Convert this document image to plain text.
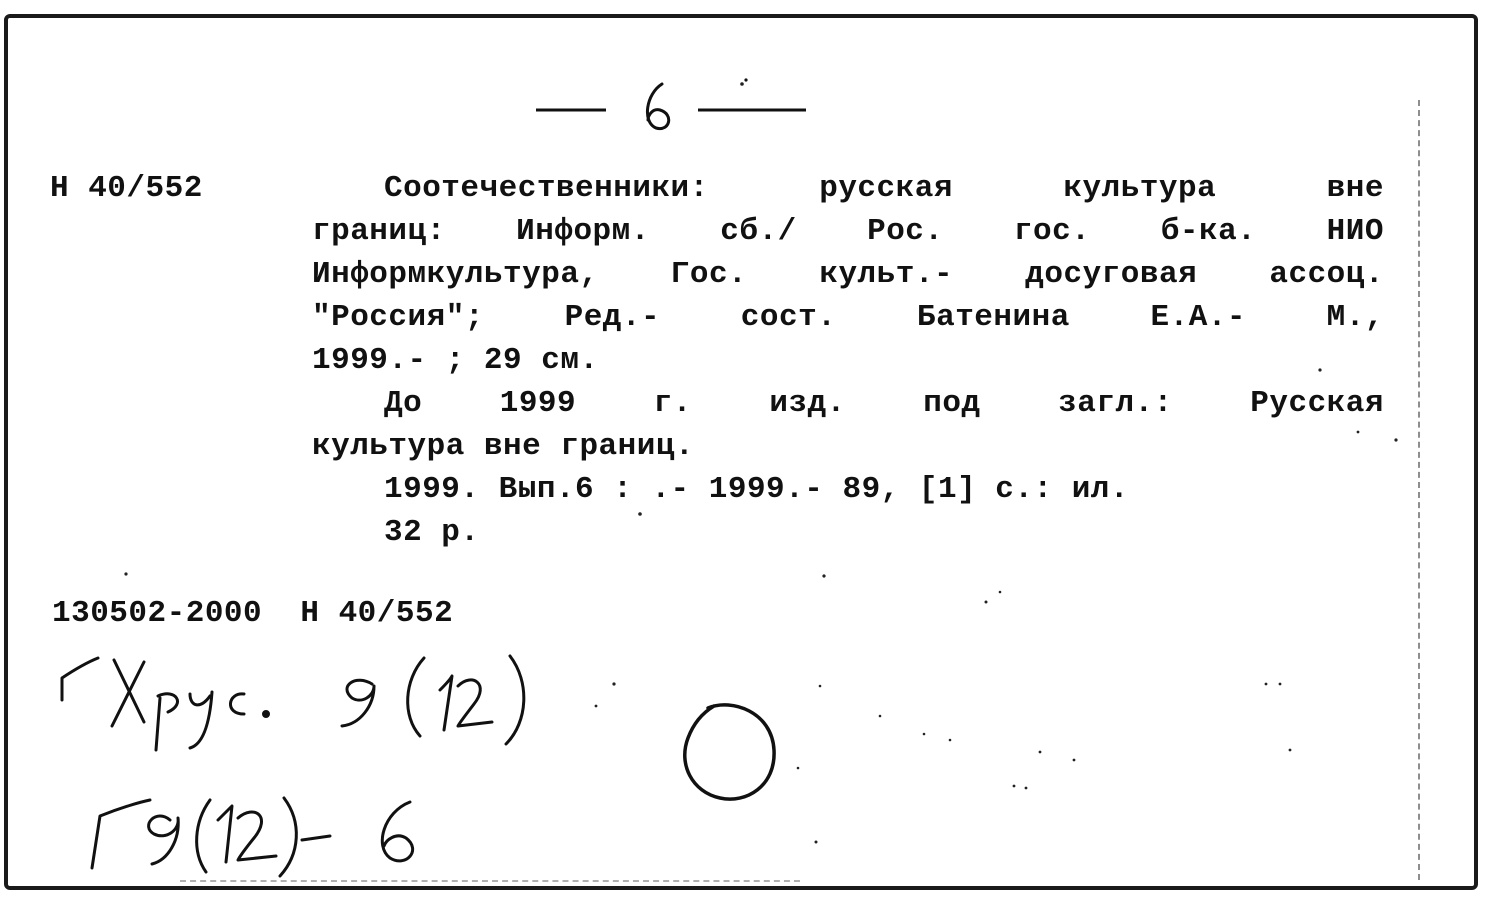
Н 40/552	Соотечественники: русская культура вне
границ: Информ. сб./ Рос. гос. б-ка. НИО
Информкультура, Гос. культ.- досуговая ассоц.
"Россия"; Ред.- сост. Батенина Е.А.- М.,
1999.- ; 29 см.
До 1999 г. изд. под загл.: Русская
культура вне границ.
1999. Вып.6 : .- 1999.- 89, [1] с.: ил.
32 р.
130502-2000 Н 40/552
